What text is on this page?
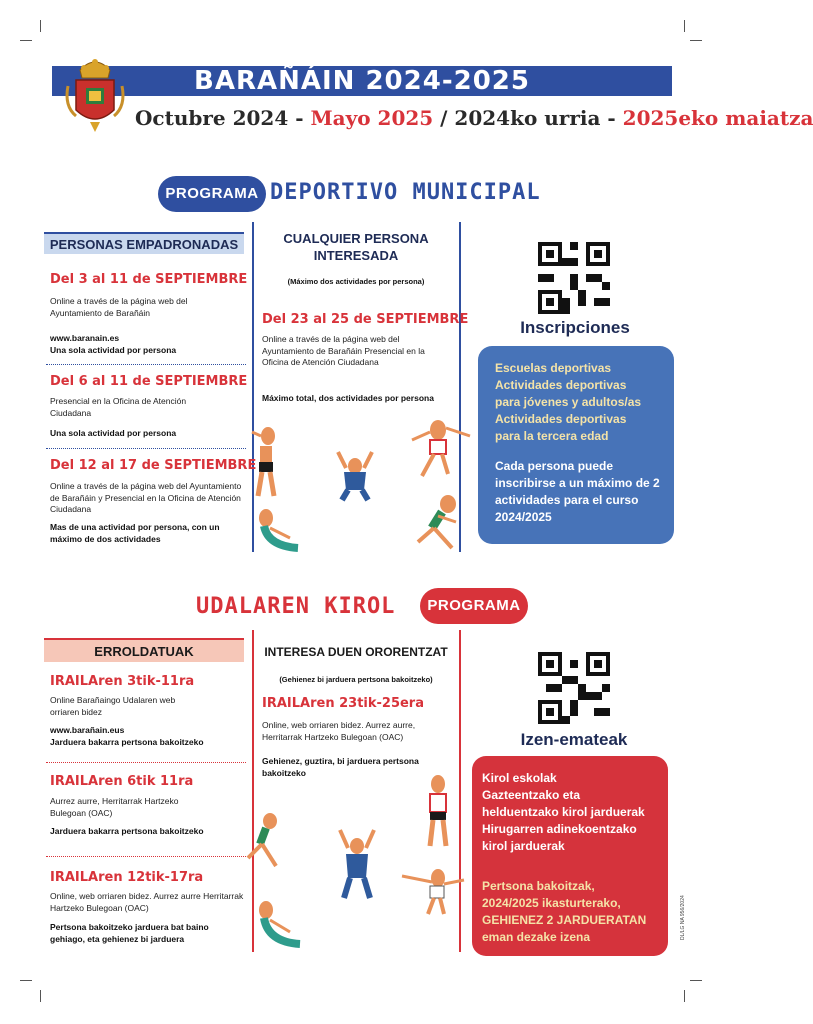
BARAÑÁIN 2024-2025
Octubre 2024 - Mayo 2025 / 2024ko urria - 2025eko maiatza
PROGRAMA DEPORTIVO MUNICIPAL
PERSONAS EMPADRONADAS	CUALQUIER PERSONA INTERESADA
(Máximo dos actividades por persona)
Del 3 al 11 de SEPTIEMBRE
Online a través de la página web del Ayuntamiento de Barañáin
www.baranain.es
Una sola actividad por persona
Del 6 al 11 de SEPTIEMBRE
Presencial en la Oficina de Atención Ciudadana
Una sola actividad por persona
Del 12 al 17 de SEPTIEMBRE
Online a través de la página web del Ayuntamiento de Barañáin y Presencial en la Oficina de Atención Ciudadana
Mas de una actividad por persona, con un máximo de dos actividades
Del 23 al 25 de SEPTIEMBRE
Online a través de la página web del Ayuntamiento de Barañáin Presencial en la Oficina de Atención Ciudadana
Máximo total, dos actividades por persona
Inscripciones
Escuelas deportivas
Actividades deportivas
para jóvenes y adultos/as
Actividades deportivas
para la tercera edad
Cada persona puede inscribirse a un máximo de 2 actividades para el curso 2024/2025
UDALAREN KIROL	PROGRAMA
ERROLDATUAK	INTERESA DUEN ORORENTZAT
(Gehienez bi jarduera pertsona bakoitzeko)
IRAILAren 3tik-11ra
Online Barañaingo Udalaren web orriaren bidez
www.barañain.eus
Jarduera bakarra pertsona bakoitzeko
IRAILAren 6tik 11ra
Aurrez aurre, Herritarrak Hartzeko Bulegoan (OAC)
Jarduera bakarra pertsona bakoitzeko
IRAILAren 12tik-17ra
Online, web orriaren bidez. Aurrez aurre Herritarrak Hartzeko Bulegoan (OAC)
Pertsona bakoitzeko jarduera bat baino gehiago, eta gehienez bi jarduera
IRAILAren 23tik-25era
Online, web orriaren bidez. Aurrez aurre, Herritarrak Hartzeko Bulegoan (OAC)
Gehienez, guztira, bi jarduera pertsona bakoitzeko
Izen-emateak
Kirol eskolak
Gazteentzako eta
helduentzako kirol jarduerak
Hirugarren adinekoentzako
kirol jarduerak
Pertsona bakoitzak,
2024/2025 ikasturterako,
GEHIENEZ 2 JARDUERATAN
eman dezake izena	DL/LG NA 956/2024
